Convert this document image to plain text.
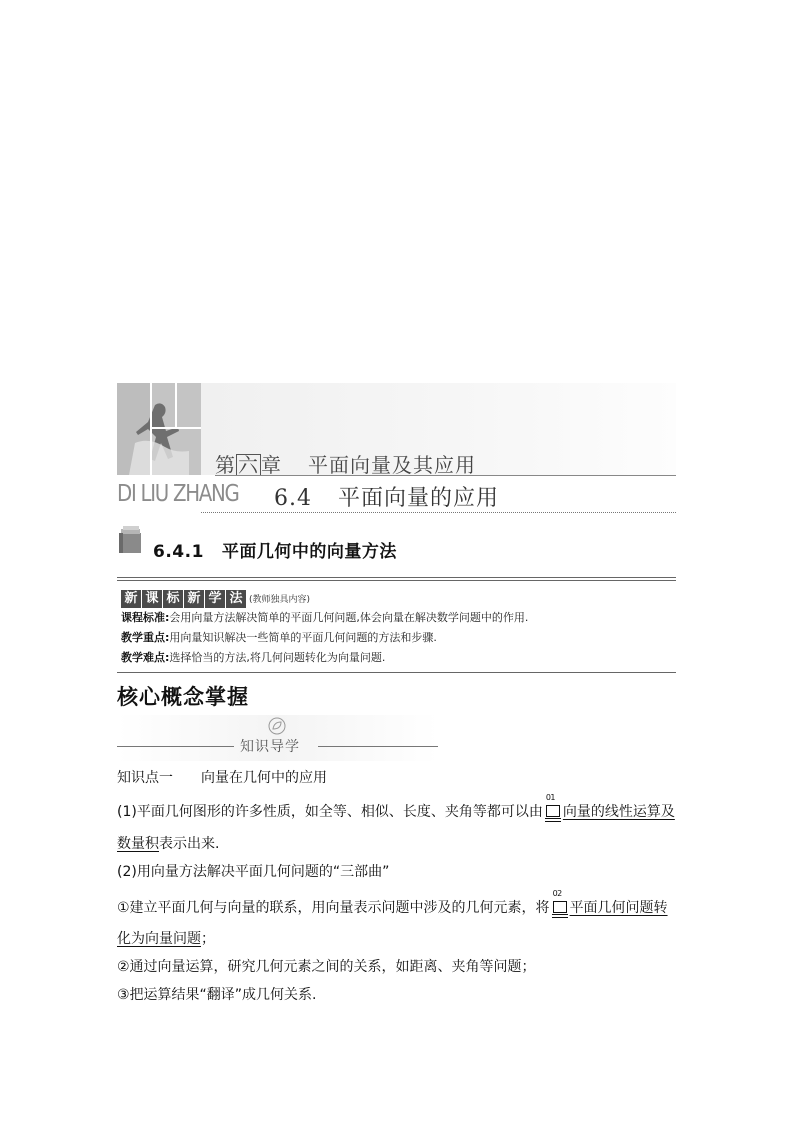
第 六 章 平面向量及其应用
DI LIU ZHANG 6.4 平面向量的应用
6.4.1 平面几何中的向量方法
新 课 标 新 学 法 (教师独具内容)
课程标准:会用向量方法解决简单的平面几何问题,体会向量在解决数学问题中的作用.
教学重点:用向量知识解决一些简单的平面几何问题的方法和步骤.
教学难点:选择恰当的方法,将几何问题转化为向量问题.
核心概念掌握
知识导学
知识点一 向量在几何中的应用
(1)平面几何图形的许多性质，如全等、相似、长度、夹角等都可以由
01
向量的线性运算及
数量积表示出来.
(2)用向量方法解决平面几何问题的“三部曲”
①建立平面几何与向量的联系，用向量表示问题中涉及的几何元素，将
02
平面几何问题转
化为向量问题；
②通过向量运算，研究几何元素之间的关系，如距离、夹角等问题；
③把运算结果“翻译”成几何关系.
